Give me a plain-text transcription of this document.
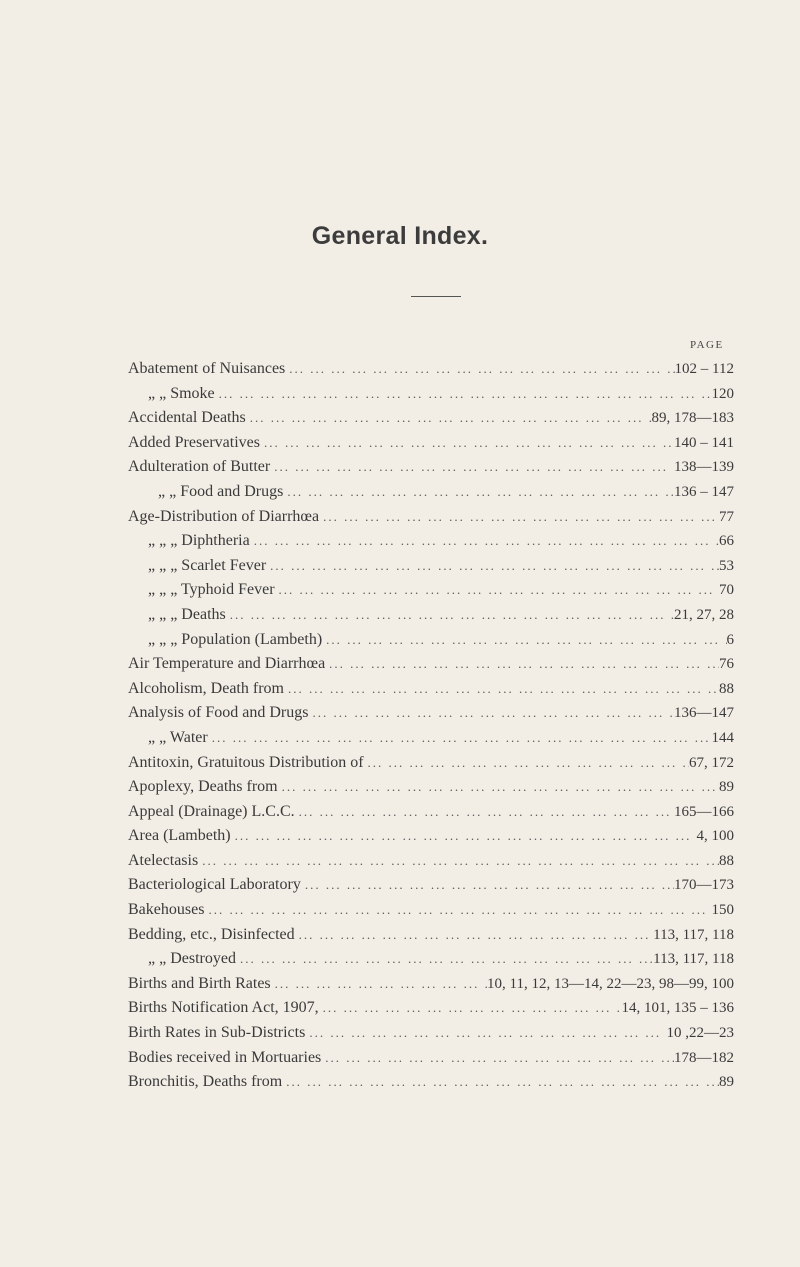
General Index.
PAGE
Abatement of Nuisances ... .	102 – 112
„ „ Smoke ... .	120
Accidental Deaths ... .	89, 178—183
Added Preservatives ... .	140 – 141
Adulteration of Butter ... .	138—139
„ „ Food and Drugs ... .	136 – 147
Age-Distribution of Diarrhœa ... .	77
„ „ „ Diphtheria ... .	66
„ „ „ Scarlet Fever ... .	53
„ „ „ Typhoid Fever ... .	70
„ „ „ Deaths ... .	21, 27, 28
„ „ „ Population (Lambeth) ... .	6
Air Temperature and Diarrhœa ... .	76
Alcoholism, Death from ... .	88
Analysis of Food and Drugs ... .	136—147
„ „ Water ... .	144
Antitoxin, Gratuitous Distribution of ... .	67, 172
Apoplexy, Deaths from ... .	89
Appeal (Drainage) L.C.C. ... .	165—166
Area (Lambeth) ... .	4, 100
Atelectasis ... .	88
Bacteriological Laboratory ... .	170—173
Bakehouses ... .	150
Bedding, etc., Disinfected ... .	113, 117, 118
„ „ Destroyed ... .	113, 117, 118
Births and Birth Rates ... .	10, 11, 12, 13—14, 22—23, 98—99, 100
Births Notification Act, 1907, ... .	14, 101, 135 – 136
Birth Rates in Sub-Districts ... .	10 ,22—23
Bodies received in Mortuaries ... .	178—182
Bronchitis, Deaths from ... .	89
